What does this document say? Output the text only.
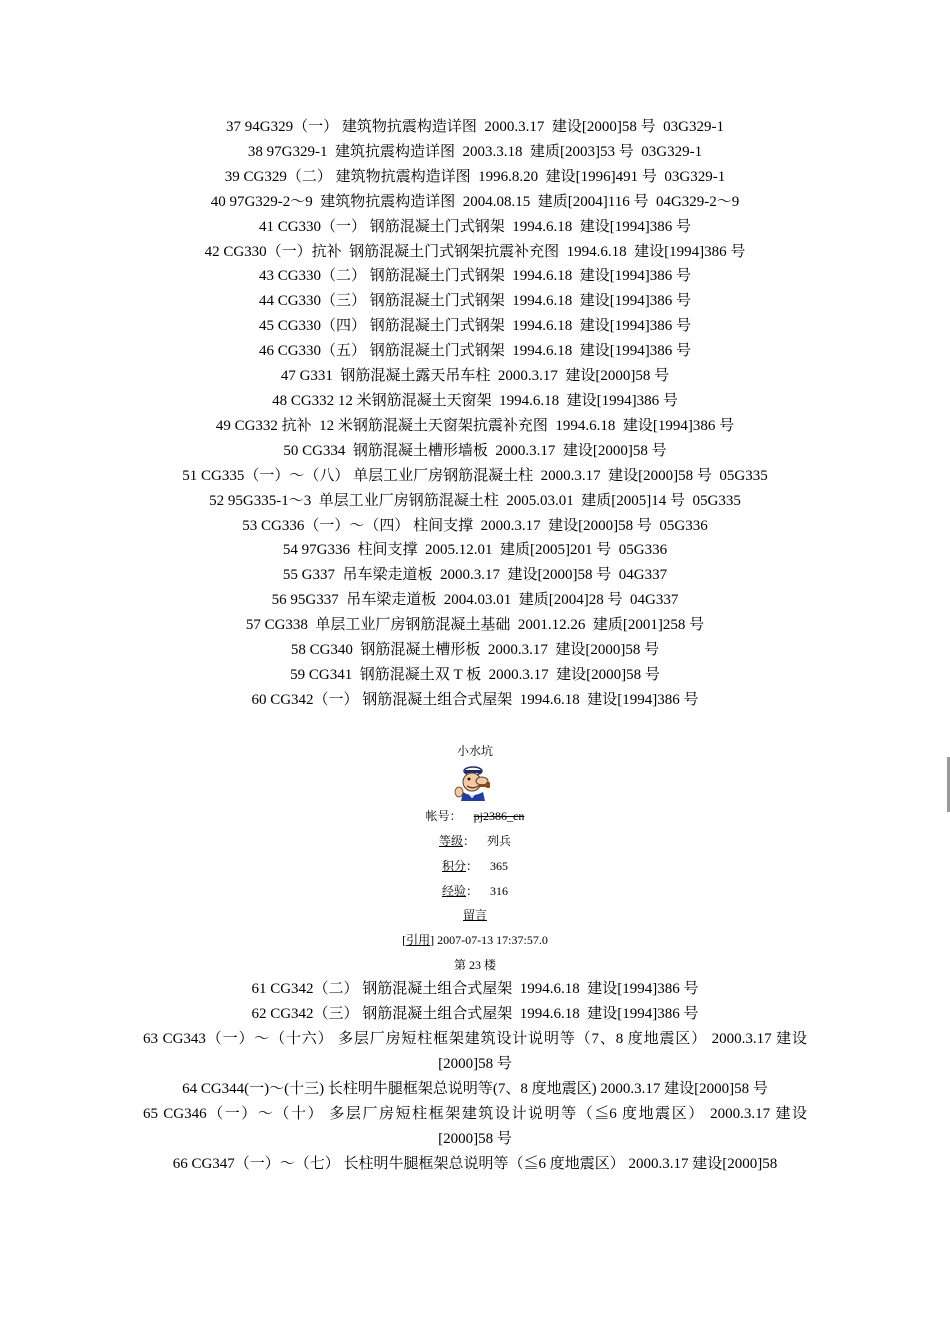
37 94G329（一） 建筑物抗震构造详图  2000.3.17  建设[2000]58 号  03G329-1
38 97G329-1  建筑抗震构造详图  2003.3.18  建质[2003]53 号  03G329-1
39 CG329（二） 建筑物抗震构造详图  1996.8.20  建设[1996]491 号  03G329-1
40 97G329-2～9  建筑物抗震构造详图  2004.08.15  建质[2004]116 号  04G329-2～9
41 CG330（一） 钢筋混凝土门式钢架  1994.6.18  建设[1994]386 号
42 CG330（一）抗补  钢筋混凝土门式钢架抗震补充图  1994.6.18  建设[1994]386 号
43 CG330（二） 钢筋混凝土门式钢架  1994.6.18  建设[1994]386 号
44 CG330（三） 钢筋混凝土门式钢架  1994.6.18  建设[1994]386 号
45 CG330（四） 钢筋混凝土门式钢架  1994.6.18  建设[1994]386 号
46 CG330（五） 钢筋混凝土门式钢架  1994.6.18  建设[1994]386 号
47 G331  钢筋混凝土露天吊车柱  2000.3.17  建设[2000]58 号
48 CG332 12 米钢筋混凝土天窗架  1994.6.18  建设[1994]386 号
49 CG332 抗补  12 米钢筋混凝土天窗架抗震补充图  1994.6.18  建设[1994]386 号
50 CG334  钢筋混凝土槽形墙板  2000.3.17  建设[2000]58 号
51 CG335（一）～（八） 单层工业厂房钢筋混凝土柱  2000.3.17  建设[2000]58 号  05G335
52 95G335-1～3  单层工业厂房钢筋混凝土柱  2005.03.01  建质[2005]14 号  05G335
53 CG336（一）～（四） 柱间支撑  2000.3.17  建设[2000]58 号  05G336
54 97G336  柱间支撑  2005.12.01  建质[2005]201 号  05G336
55 G337  吊车梁走道板  2000.3.17  建设[2000]58 号  04G337
56 95G337  吊车梁走道板  2004.03.01  建质[2004]28 号  04G337
57 CG338  单层工业厂房钢筋混凝土基础  2001.12.26  建质[2001]258 号
58 CG340  钢筋混凝土槽形板  2000.3.17  建设[2000]58 号
59 CG341  钢筋混凝土双 T 板  2000.3.17  建设[2000]58 号
60 CG342（一） 钢筋混凝土组合式屋架  1994.6.18  建设[1994]386 号
小水坑
帐号： pj2386_cn
等级： 列兵
积分： 365
经验： 316
留言
[引用] 2007-07-13 17:37:57.0
第 23 楼
61 CG342（二） 钢筋混凝土组合式屋架  1994.6.18  建设[1994]386 号
62 CG342（三） 钢筋混凝土组合式屋架  1994.6.18  建设[1994]386 号
63 CG343（一）～（十六） 多层厂房短柱框架建筑设计说明等（7、8 度地震区） 2000.3.17 建设[2000]58 号
64 CG344(一)～(十三) 长柱明牛腿框架总说明等(7、8 度地震区) 2000.3.17 建设[2000]58 号
65 CG346（一）～（十） 多层厂房短柱框架建筑设计说明等（≦6 度地震区） 2000.3.17 建设[2000]58 号
66 CG347（一）～（七） 长柱明牛腿框架总说明等（≦6 度地震区） 2000.3.17 建设[2000]58
